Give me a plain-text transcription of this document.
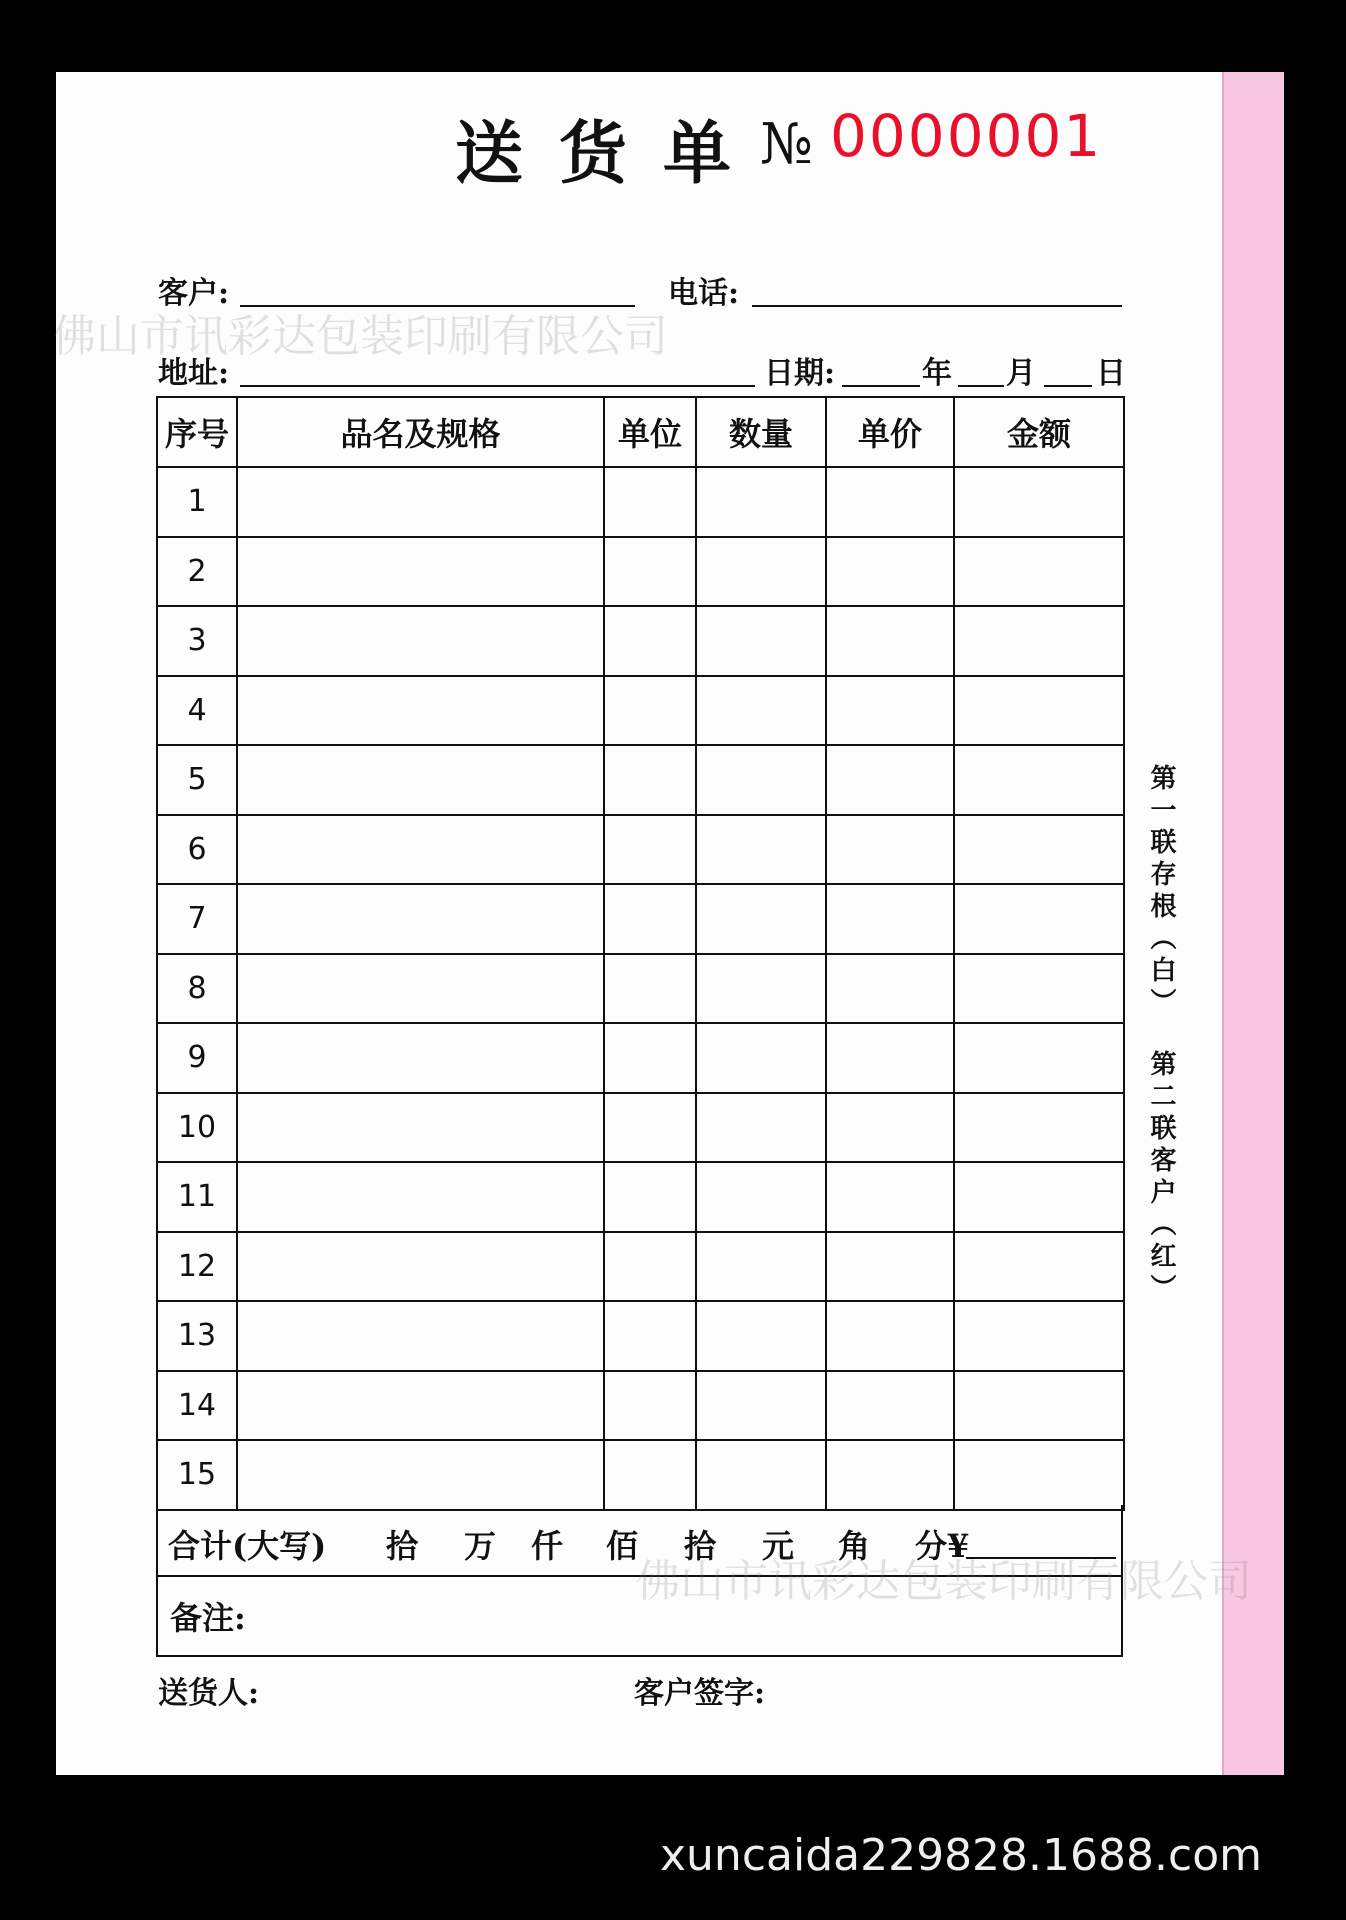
送货单
№ 0000001
客户:	电话:
地址:	日期:	年 月 日
序号	品名及规格	单位	数量	单价	金额
1					
2					
3					
4					
5					
6					
7					
8					
9					
10					
11					
12					
13					
14					
15					
合计(大写) 拾 万 仟 佰 拾 元 角 分¥

备注:
送货人:	客户签字:
第一联存根（白）
第二联客户（红）
佛山市讯彩达包装印刷有限公司
佛山市讯彩达包装印刷有限公司
xuncaida229828.1688.com
